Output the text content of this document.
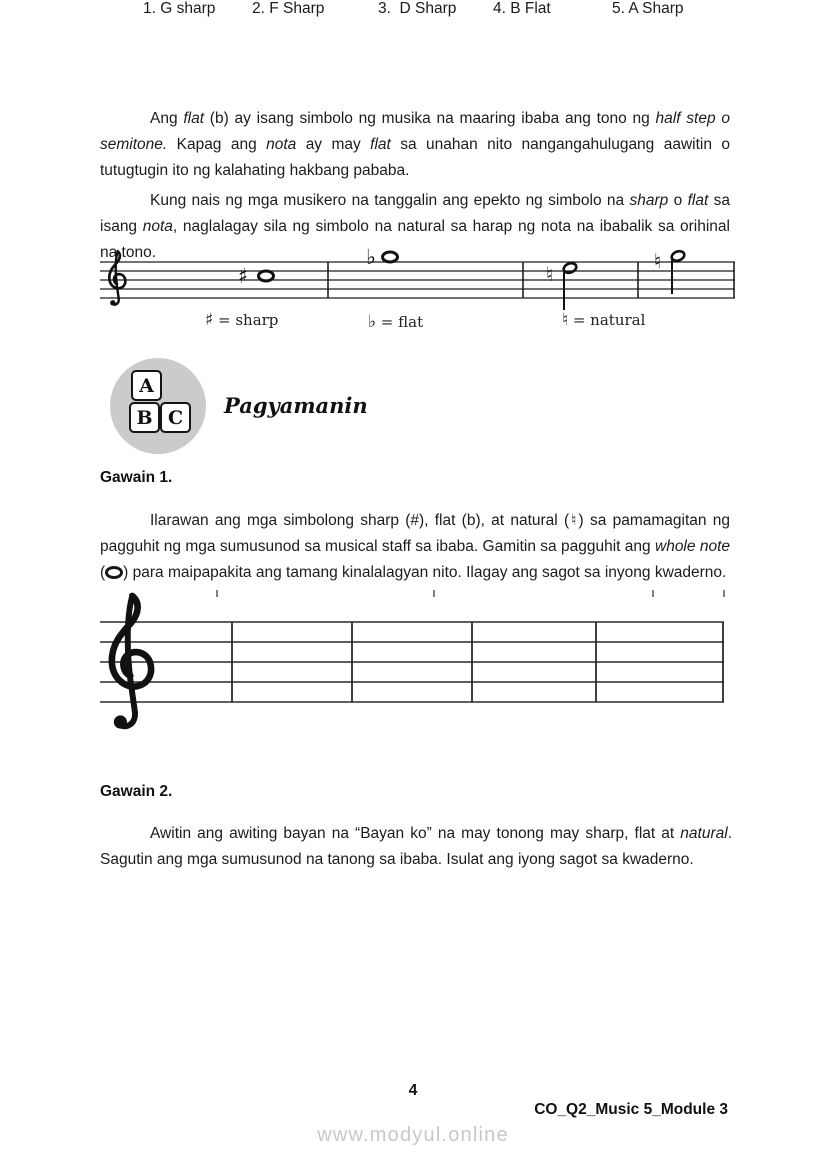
Ang flat (b) ay isang simbolo ng musika na maaring ibaba ang tono ng half step o semitone. Kapag ang nota ay may flat sa unahan nito nangangahulugang aawitin o tutugtugin ito ng kalahating hakbang pababa.

Kung nais ng mga musikero na tanggalin ang epekto ng simbolo na sharp o flat sa isang nota, naglalagay sila ng simbolo na natural sa harap ng nota na ibabalik sa orihinal na tono.

♯
♭
♮
♮
♯ = sharp	♭ = flat	♮ = natural
A
B C Pagyamanin
Gawain 1.

Ilarawan ang mga simbolong sharp (#), flat (b), at natural (♮) sa pamamagitan ng pagguhit ng mga sumusunod sa musical staff sa ibaba. Gamitin sa pagguhit ang whole note ( ) para maipapakita ang tamang kinalalagyan nito. Ilagay ang sagot sa inyong kwaderno.

1. G sharp 2. F Sharp	3.  D Sharp 4. B Flat	5. A Sharp
Gawain 2.

Awitin ang awiting bayan na “Bayan ko” na may tonong may sharp, flat at natural. Sagutin ang mga sumusunod na tanong sa ibaba. Isulat ang iyong sagot sa kwaderno.

4
CO_Q2_Music 5_Module 3
www.modyul.online
